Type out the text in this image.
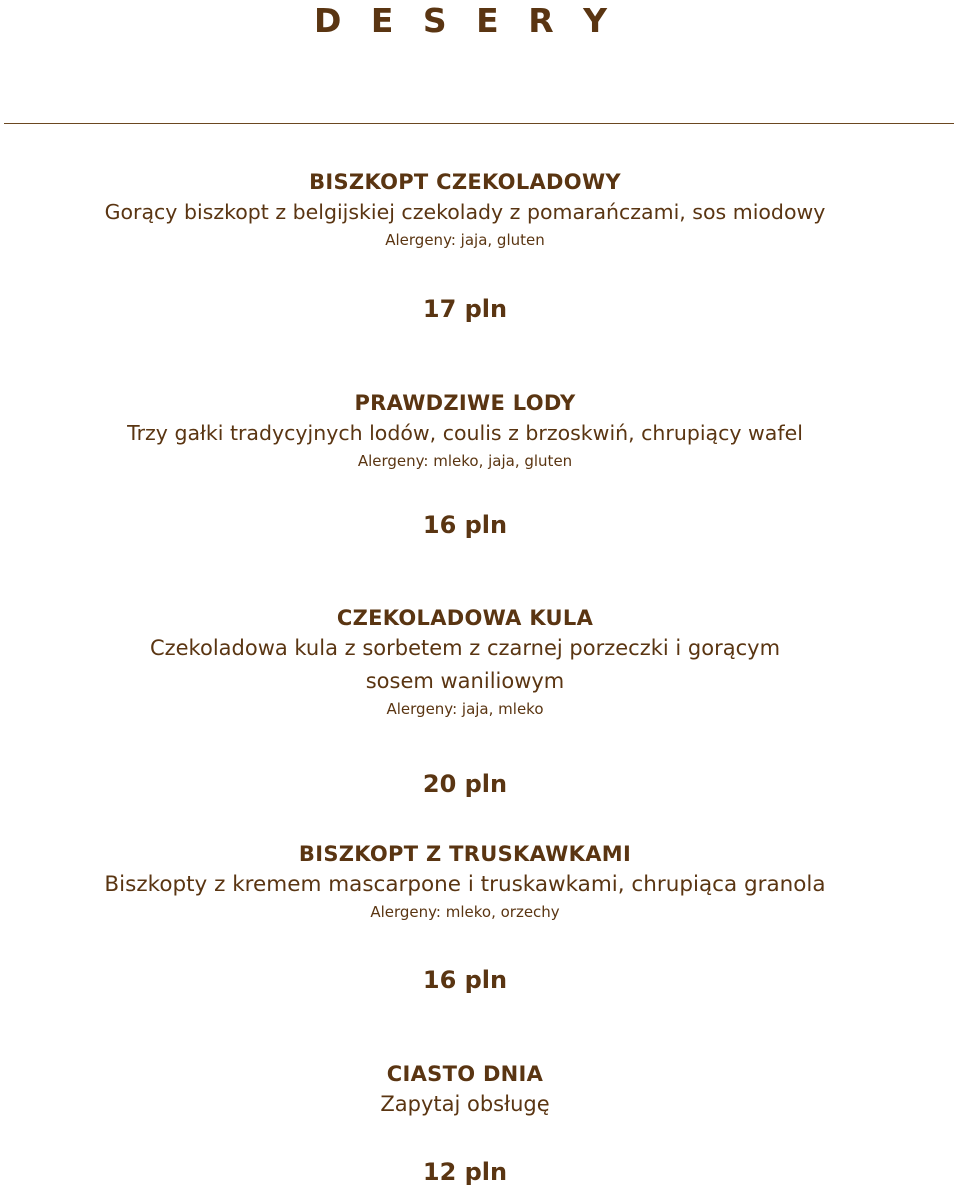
D E S E R Y
BISZKOPT CZEKOLADOWY
Gorący biszkopt z belgijskiej czekolady z pomarańczami, sos miodowy
Alergeny: jaja, gluten
17 pln
PRAWDZIWE LODY
Trzy gałki tradycyjnych lodów, coulis z brzoskwiń, chrupiący wafel
Alergeny: mleko, jaja, gluten
16 pln
CZEKOLADOWA KULA
Czekoladowa kula z sorbetem z czarnej porzeczki i gorącym
sosem waniliowym
Alergeny: jaja, mleko
20 pln
BISZKOPT Z TRUSKAWKAMI
Biszkopty z kremem mascarpone i truskawkami, chrupiąca granola
Alergeny: mleko, orzechy
16 pln
CIASTO DNIA
Zapytaj obsługę
12 pln
